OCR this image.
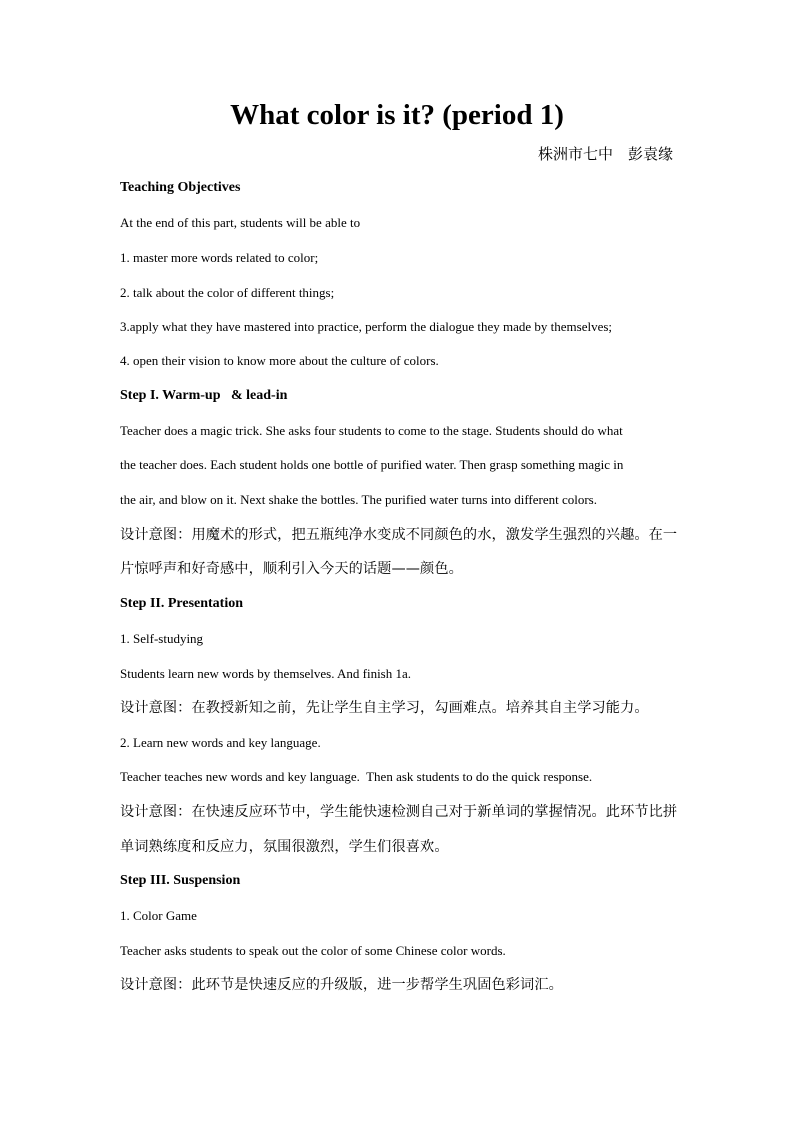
What color is it? (period 1)
株洲市七中　彭袁缘
Teaching Objectives
At the end of this part, students will be able to
1. master more words related to color;
2. talk about the color of different things;
3.apply what they have mastered into practice, perform the dialogue they made by themselves;
4. open their vision to know more about the culture of colors.
Step I. Warm-up   & lead-in
Teacher does a magic trick. She asks four students to come to the stage. Students should do what
the teacher does. Each student holds one bottle of purified water. Then grasp something magic in
the air, and blow on it. Next shake the bottles. The purified water turns into different colors.
设计意图：用魔术的形式，把五瓶纯净水变成不同颜色的水，激发学生强烈的兴趣。在一
片惊呼声和好奇感中，顺利引入今天的话题——颜色。
Step II. Presentation
1. Self-studying
Students learn new words by themselves. And finish 1a.
设计意图：在教授新知之前，先让学生自主学习，勾画难点。培养其自主学习能力。
2. Learn new words and key language.
Teacher teaches new words and key language.  Then ask students to do the quick response.
设计意图：在快速反应环节中，学生能快速检测自己对于新单词的掌握情况。此环节比拼
单词熟练度和反应力，氛围很激烈，学生们很喜欢。
Step III. Suspension
1. Color Game
Teacher asks students to speak out the color of some Chinese color words.
设计意图：此环节是快速反应的升级版，进一步帮学生巩固色彩词汇。
